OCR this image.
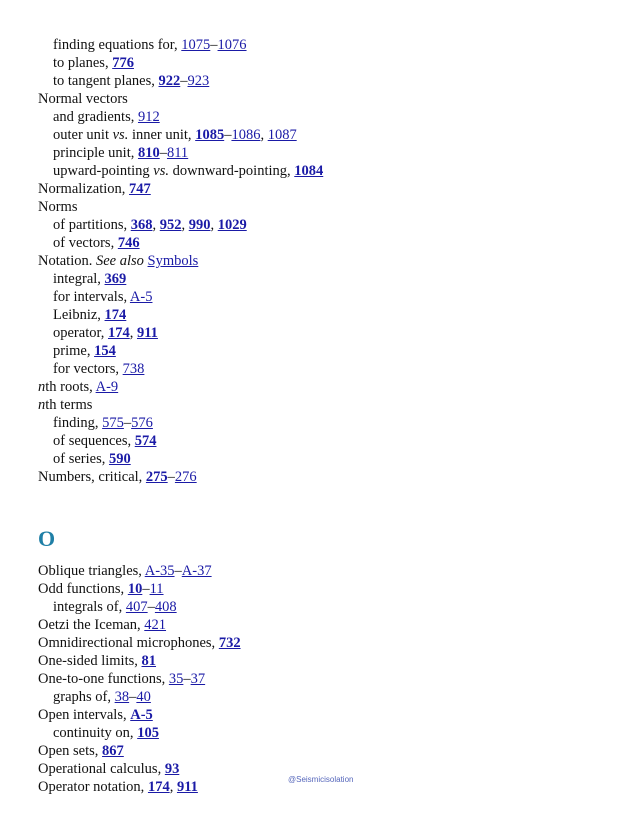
finding equations for, 1075–1076
to planes, 776
to tangent planes, 922–923
Normal vectors
and gradients, 912
outer unit vs. inner unit, 1085–1086, 1087
principle unit, 810–811
upward-pointing vs. downward-pointing, 1084
Normalization, 747
Norms
of partitions, 368, 952, 990, 1029
of vectors, 746
Notation. See also Symbols
integral, 369
for intervals, A-5
Leibniz, 174
operator, 174, 911
prime, 154
for vectors, 738
nth roots, A-9
nth terms
finding, 575–576
of sequences, 574
of series, 590
Numbers, critical, 275–276
O
Oblique triangles, A-35–A-37
Odd functions, 10–11
integrals of, 407–408
Oetzi the Iceman, 421
Omnidirectional microphones, 732
One-sided limits, 81
One-to-one functions, 35–37
graphs of, 38–40
Open intervals, A-5
continuity on, 105
Open sets, 867
Operational calculus, 93
Operator notation, 174, 911	@Seismicisolation
